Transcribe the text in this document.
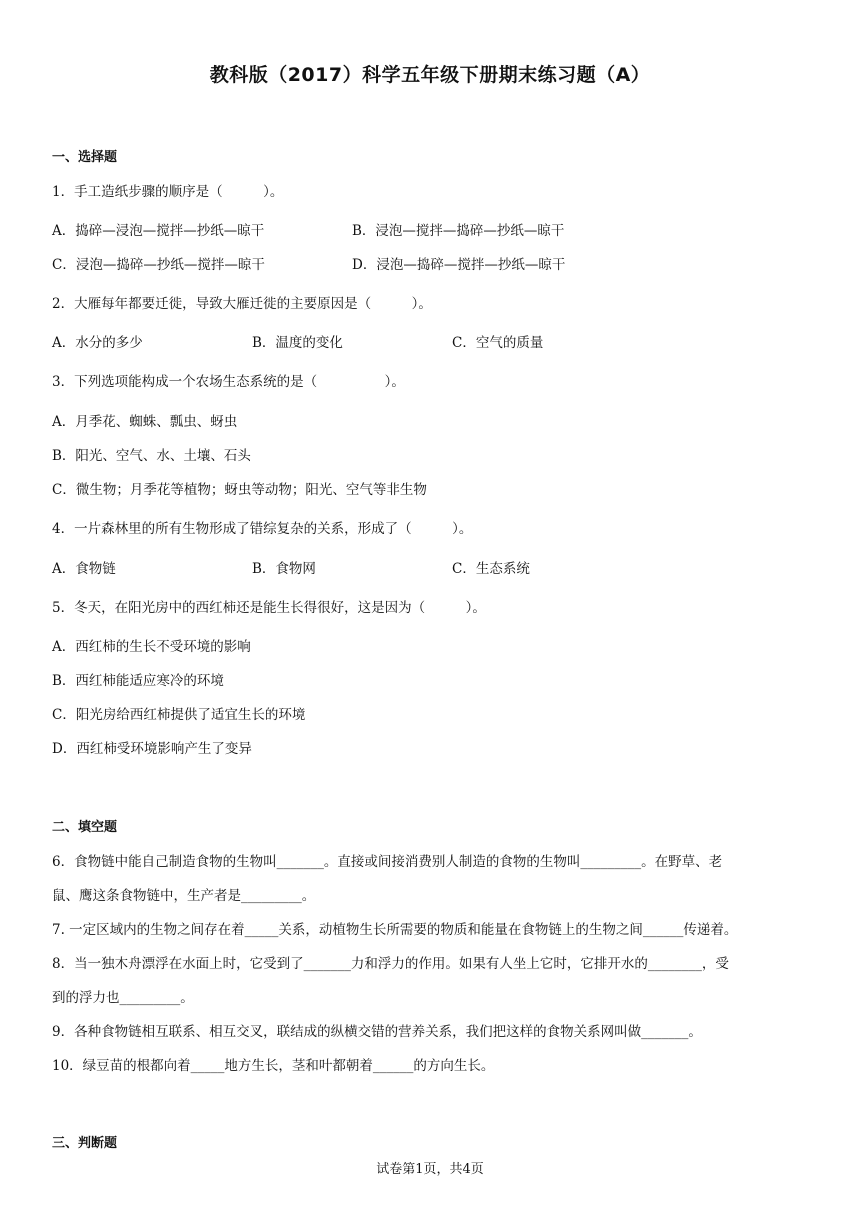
教科版（2017）科学五年级下册期末练习题（A）
一、选择题
1．手工造纸步骤的顺序是（　　　）。
A．捣碎—浸泡—搅拌—抄纸—晾干	B．浸泡—搅拌—捣碎—抄纸—晾干
C．浸泡—捣碎—抄纸—搅拌—晾干	D．浸泡—捣碎—搅拌—抄纸—晾干
2．大雁每年都要迁徙，导致大雁迁徙的主要原因是（　　　）。
A．水分的多少	B．温度的变化	C．空气的质量
3．下列选项能构成一个农场生态系统的是（　　　　　）。
A．月季花、蜘蛛、瓢虫、蚜虫
B．阳光、空气、水、土壤、石头
C．微生物；月季花等植物；蚜虫等动物；阳光、空气等非生物
4．一片森林里的所有生物形成了错综复杂的关系，形成了（　　　）。
A．食物链	B．食物网	C．生态系统
5．冬天，在阳光房中的西红柿还是能生长得很好，这是因为（　　　）。
A．西红柿的生长不受环境的影响
B．西红柿能适应寒冷的环境
C．阳光房给西红柿提供了适宜生长的环境
D．西红柿受环境影响产生了变异
二、填空题
6．食物链中能自己制造食物的生物叫_______。直接或间接消费别人制造的食物的生物叫_________。在野草、老
鼠、鹰这条食物链中，生产者是_________。
7. 一定区域内的生物之间存在着_____关系，动植物生长所需要的物质和能量在食物链上的生物之间______传递着。
8．当一独木舟漂浮在水面上时，它受到了_______力和浮力的作用。如果有人坐上它时，它排开水的________，受
到的浮力也_________。
9．各种食物链相互联系、相互交叉，联结成的纵横交错的营养关系，我们把这样的食物关系网叫做_______。
10．绿豆苗的根都向着_____地方生长，茎和叶都朝着______的方向生长。
三、判断题
试卷第1页，共4页
